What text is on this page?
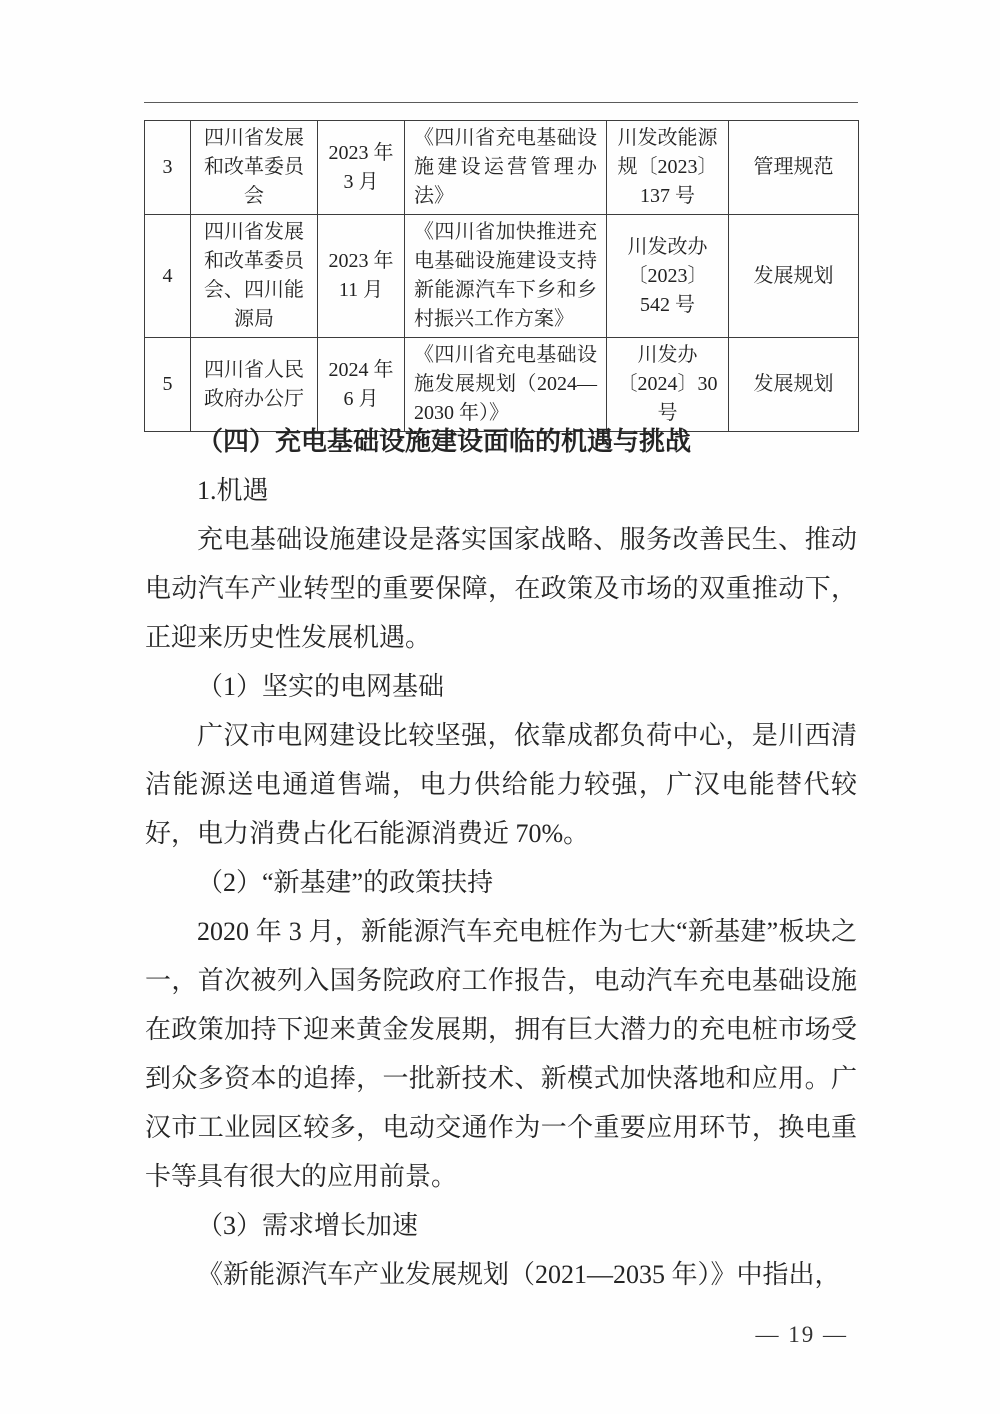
3	四川省发展和改革委员会	2023 年 3 月	《四川省充电基础设施建设运营管理办法》	川发改能源规〔2023〕137 号	管理规范
4	四川省发展和改革委员会、四川能源局	2023 年 11 月	《四川省加快推进充电基础设施建设支持新能源汽车下乡和乡村振兴工作方案》	川发改办〔2023〕542 号	发展规划
5	四川省人民政府办公厅	2024 年 6 月	《四川省充电基础设施发展规划（2024—2030 年）》	川发办〔2024〕30 号	发展规划
（四）充电基础设施建设面临的机遇与挑战
1.机遇

充电基础设施建设是落实国家战略、服务改善民生、推动电动汽车产业转型的重要保障，在政策及市场的双重推动下，正迎来历史性发展机遇。

（1）坚实的电网基础

广汉市电网建设比较坚强，依靠成都负荷中心，是川西清洁能源送电通道售端，电力供给能力较强，广汉电能替代较好，电力消费占化石能源消费近 70%。

（2）“新基建”的政策扶持

2020 年 3 月，新能源汽车充电桩作为七大“新基建”板块之一，首次被列入国务院政府工作报告，电动汽车充电基础设施在政策加持下迎来黄金发展期，拥有巨大潜力的充电桩市场受到众多资本的追捧，一批新技术、新模式加快落地和应用。广汉市工业园区较多，电动交通作为一个重要应用环节，换电重卡等具有很大的应用前景。

（3）需求增长加速

《新能源汽车产业发展规划（2021—2035 年）》中指出，

— 19 —
